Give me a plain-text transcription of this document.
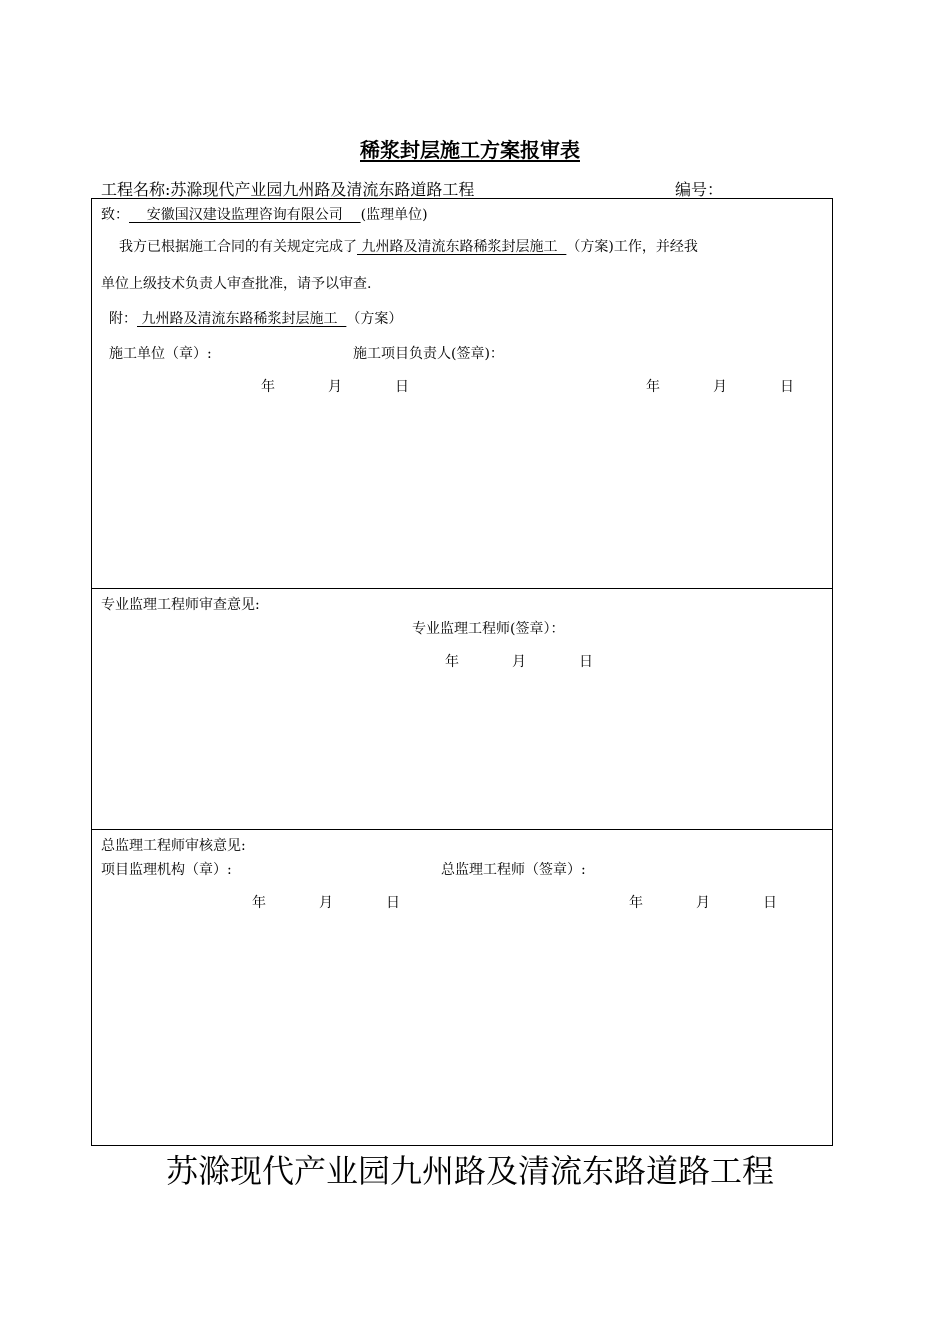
稀浆封层施工方案报审表
工程名称:苏滁现代产业园九州路及清流东路道路工程	编号：
致：    安徽国汉建设监理咨询有限公司    (监理单位)
我方已根据施工合同的有关规定完成了 九州路及清流东路稀浆封层施工  （方案)工作，并经我
单位上级技术负责人审查批准，请予以审查.
附： 九州路及清流东路稀浆封层施工  （方案）
施工单位（章）:	施工项目负责人(签章)：
年	月	日	年	月	日
专业监理工程师审查意见:
专业监理工程师(签章）：
年	月	日
总监理工程师审核意见:
项目监理机构（章）:	总监理工程师（签章）:
年	月	日	年	月	日
苏滁现代产业园九州路及清流东路道路工程
